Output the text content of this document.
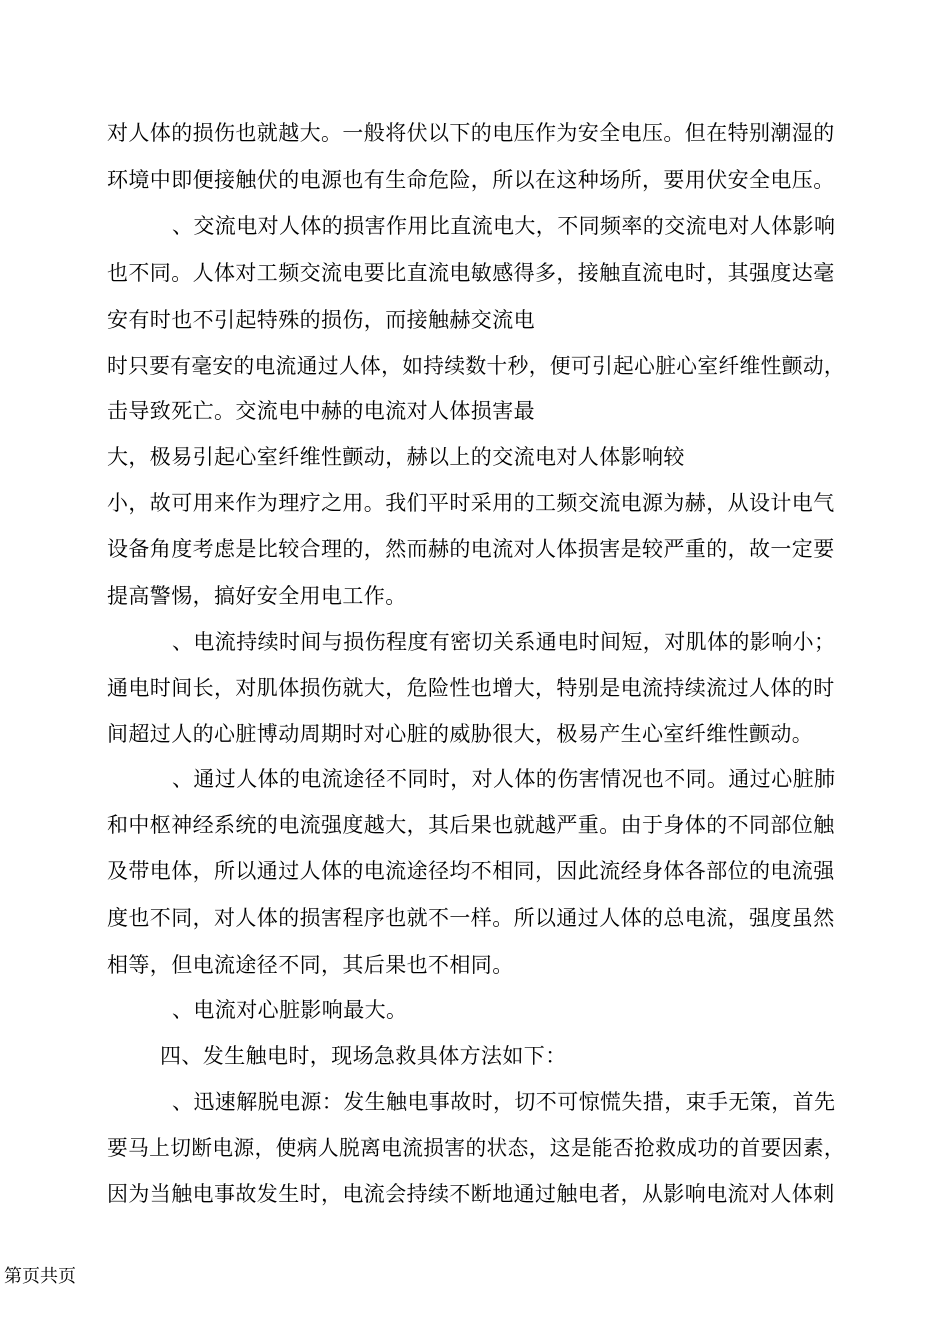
对人体的损伤也就越大。一般将伏以下的电压作为安全电压。但在特别潮湿的
环境中即便接触伏的电源也有生命危险，所以在这种场所，要用伏安全电压。
、交流电对人体的损害作用比直流电大，不同频率的交流电对人体影响
也不同。人体对工频交流电要比直流电敏感得多，接触直流电时，其强度达毫
安有时也不引起特殊的损伤，而接触赫交流电
时只要有毫安的电流通过人体，如持续数十秒，便可引起心脏心室纤维性颤动，
击导致死亡。交流电中赫的电流对人体损害最
大，极易引起心室纤维性颤动，赫以上的交流电对人体影响较
小，故可用来作为理疗之用。我们平时采用的工频交流电源为赫，从设计电气
设备角度考虑是比较合理的，然而赫的电流对人体损害是较严重的，故一定要
提高警惕，搞好安全用电工作。
、电流持续时间与损伤程度有密切关系通电时间短，对肌体的影响小；
通电时间长，对肌体损伤就大，危险性也增大，特别是电流持续流过人体的时
间超过人的心脏博动周期时对心脏的威胁很大，极易产生心室纤维性颤动。
、通过人体的电流途径不同时，对人体的伤害情况也不同。通过心脏肺
和中枢神经系统的电流强度越大，其后果也就越严重。由于身体的不同部位触
及带电体，所以通过人体的电流途径均不相同，因此流经身体各部位的电流强
度也不同，对人体的损害程序也就不一样。所以通过人体的总电流，强度虽然
相等，但电流途径不同，其后果也不相同。
、电流对心脏影响最大。
四、发生触电时，现场急救具体方法如下：
、迅速解脱电源：发生触电事故时，切不可惊慌失措，束手无策，首先
要马上切断电源，使病人脱离电流损害的状态，这是能否抢救成功的首要因素，
因为当触电事故发生时，电流会持续不断地通过触电者，从影响电流对人体刺
第页共页
